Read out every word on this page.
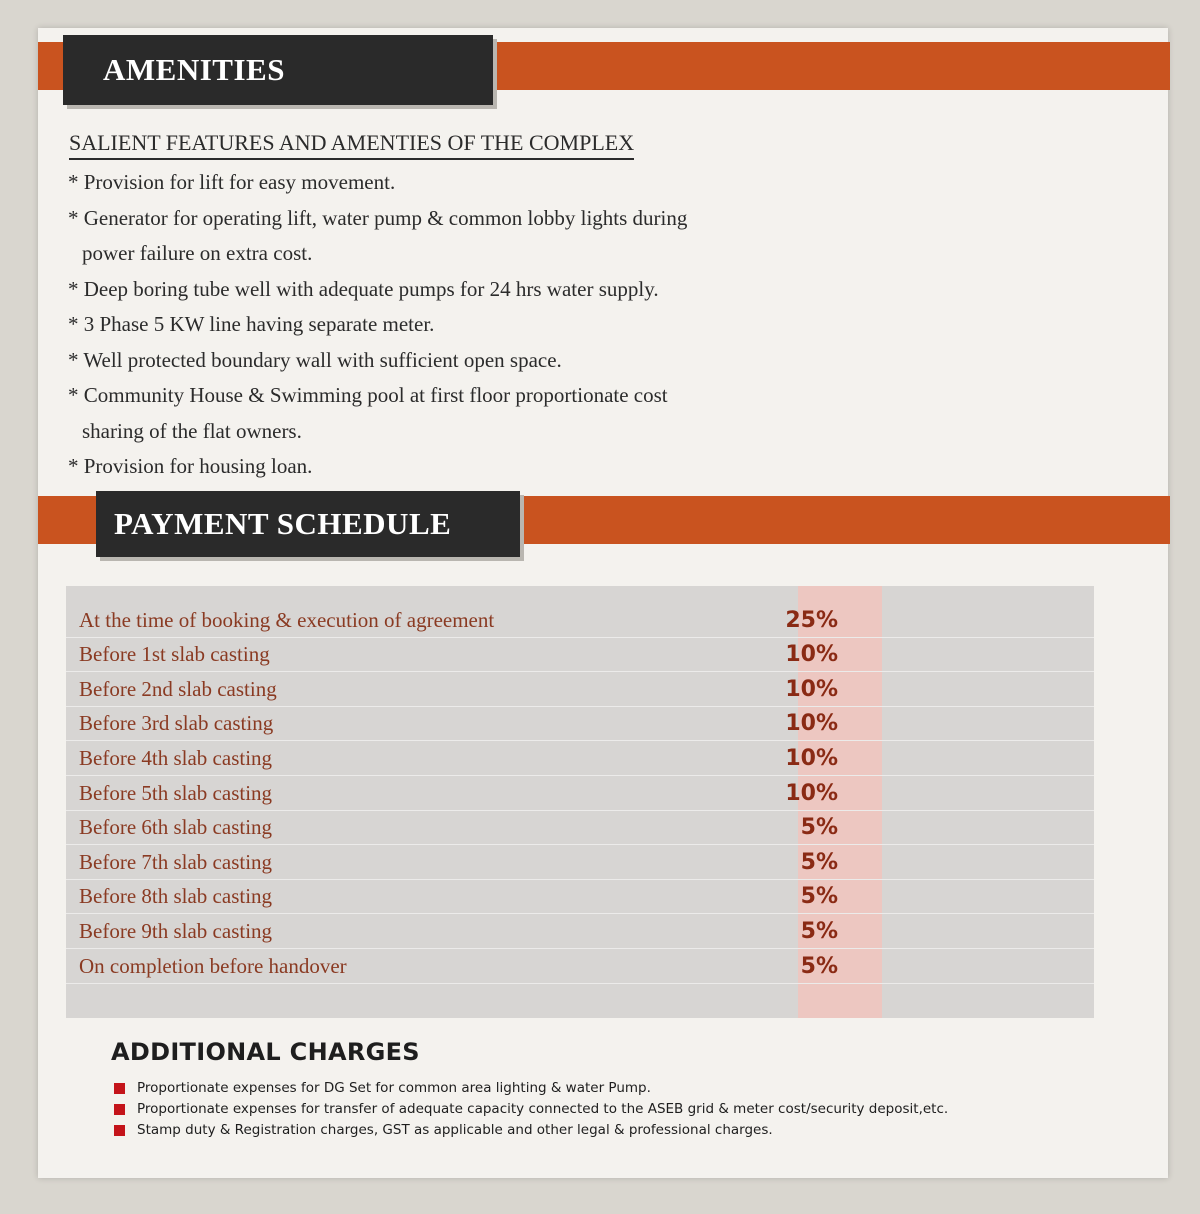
AMENITIES
SALIENT FEATURES AND AMENTIES OF THE COMPLEX

* Provision for lift for easy movement.

* Generator for operating lift, water pump & common lobby lights during
power failure on extra cost.

* Deep boring tube well with adequate pumps for 24 hrs water supply.

* 3 Phase 5 KW line having separate meter.

* Well protected boundary wall with sufficient open space.

* Community House & Swimming pool at first floor proportionate cost
sharing of the flat owners.

* Provision for housing loan.

PAYMENT SCHEDULE
At the time of booking & execution of agreement	25%
Before 1st slab casting	10%
Before 2nd slab casting	10%
Before 3rd slab casting	10%
Before 4th slab casting	10%
Before 5th slab casting	10%
Before 6th slab casting	5%
Before 7th slab casting	5%
Before 8th slab casting	5%
Before 9th slab casting	5%
On completion before handover	5%
ADDITIONAL CHARGES
Proportionate expenses for DG Set for common area lighting & water Pump.
Proportionate expenses for transfer of adequate capacity connected to the ASEB grid & meter cost/security deposit,etc.
Stamp duty & Registration charges, GST as applicable and other legal & professional charges.
